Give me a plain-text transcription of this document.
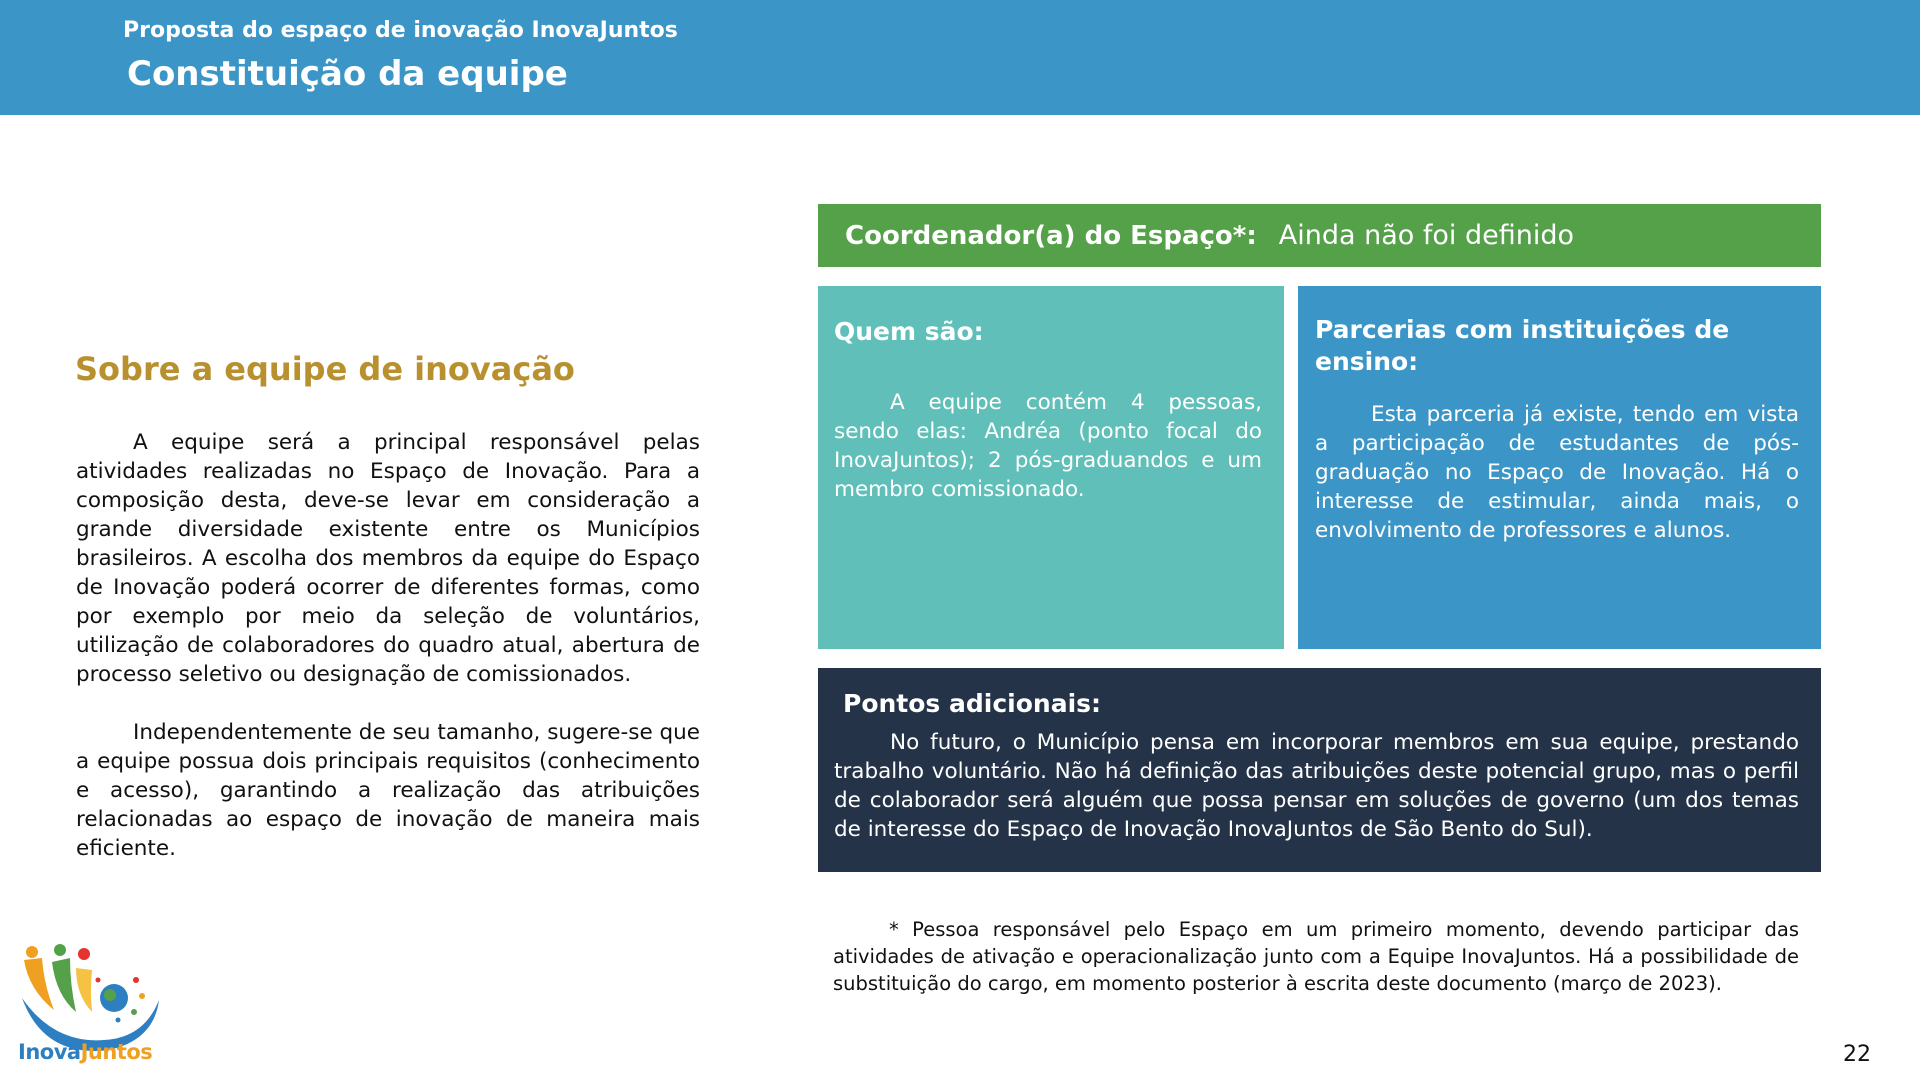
Proposta do espaço de inovação InovaJuntos
Constituição da equipe
Sobre a equipe de inovação

A equipe será a principal responsável pelas atividades realizadas no Espaço de Inovação. Para a composição desta, deve-se levar em consideração a grande diversidade existente entre os Municípios brasileiros. A escolha dos membros da equipe do Espaço de Inovação poderá ocorrer de diferentes formas, como por exemplo por meio da seleção de voluntários, utilização de colaboradores do quadro atual, abertura de processo seletivo ou designação de comissionados.

Independentemente de seu tamanho, sugere-se que a equipe possua dois principais requisitos (conhecimento e acesso), garantindo a realização das atribuições relacionadas ao espaço de inovação de maneira mais eficiente.

Coordenador(a) do Espaço*: Ainda não foi definido
Quem são:

A equipe contém 4 pessoas, sendo elas: Andréa (ponto focal do InovaJuntos); 2 pós-graduandos e um membro comissionado.

Parcerias com instituições de ensino:

Esta parceria já existe, tendo em vista a participação de estudantes de pós-graduação no Espaço de Inovação. Há o interesse de estimular, ainda mais, o envolvimento de professores e alunos.

Pontos adicionais:

No futuro, o Município pensa em incorporar membros em sua equipe, prestando trabalho voluntário. Não há definição das atribuições deste potencial grupo, mas o perfil de colaborador será alguém que possa pensar em soluções de governo (um dos temas de interesse do Espaço de Inovação InovaJuntos de São Bento do Sul).

* Pessoa responsável pelo Espaço em um primeiro momento, devendo participar das atividades de ativação e operacionalização junto com a Equipe InovaJuntos. Há a possibilidade de substituição do cargo, em momento posterior à escrita deste documento (março de 2023).

22
InovaJuntos
